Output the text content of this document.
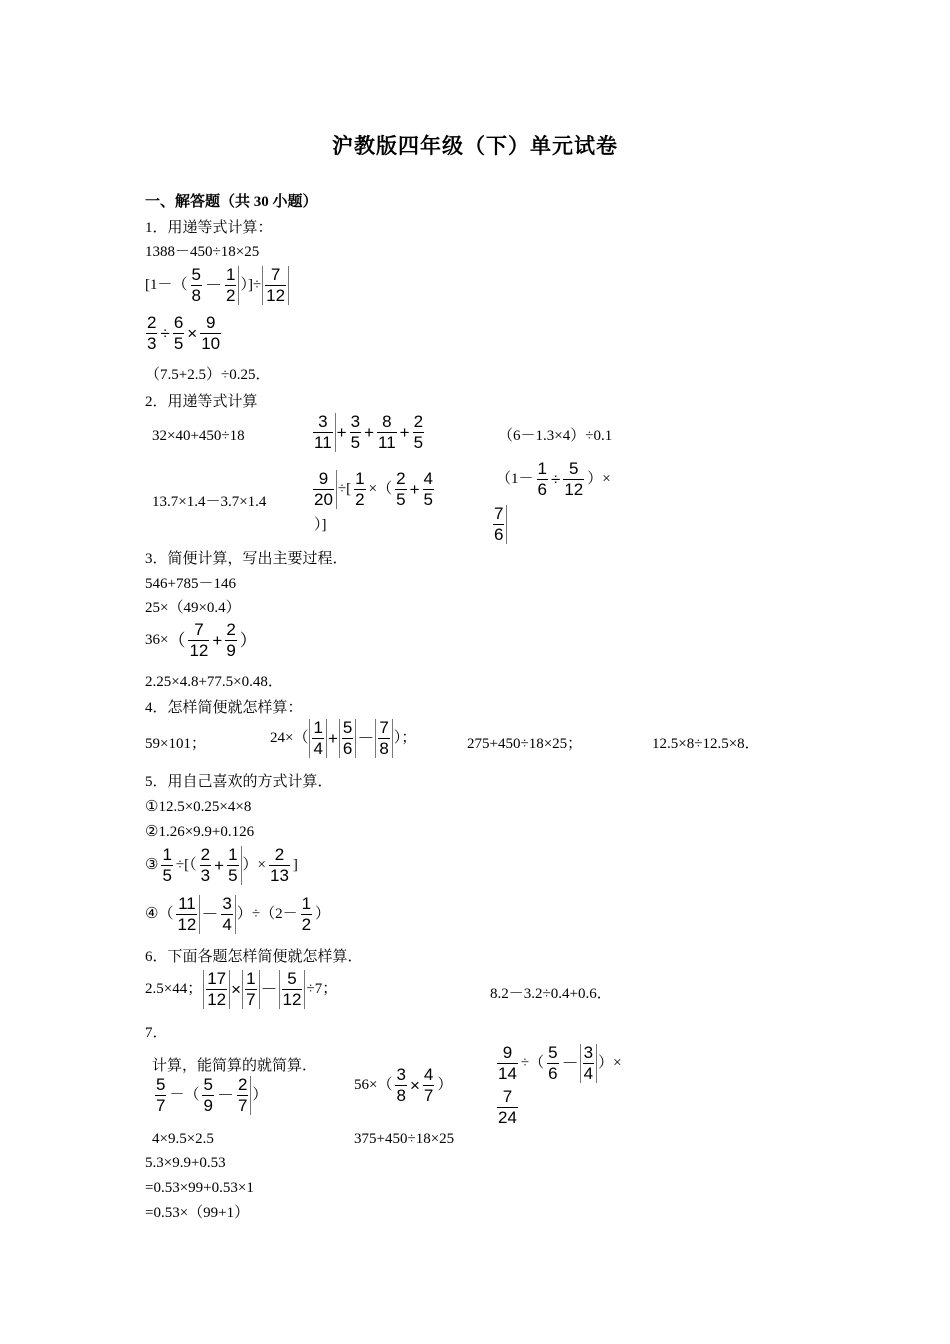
沪教版四年级（下）单元试卷
一、解答题（共 30 小题）
1．用递等式计算：
1388－450÷18×25
[$1-( \frac{5}{8} - \frac{1}{2}$ ）]÷ $\frac{7}{12}$
$\frac{2}{3} \div \frac{6}{5} \times \frac{9}{10}$
（7.5+2.5）÷0.25．
2．用递等式计算
32×40+450÷18	$\frac{3}{11} + \frac{3}{5} + \frac{8}{11} + \frac{2}{5}$	（6－1.3×4）÷0.1
13.7×1.4－3.7×1.4	$\frac{9}{20}$ ÷[ $\frac{1}{2}$ ×（ $\frac{2}{5} + \frac{4}{5}$
）]
（$1- \frac{1}{6} \div \frac{5}{12}$ ）×
$\frac{7}{6}$
3．简便计算，写出主要过程．
546+785－146
25×（49×0.4）
36× （ $\frac{7}{12} + \frac{2}{9}$ ）
2.25×4.8+77.5×0.48．
4．怎样简便就怎样算：
59×101；	$24\times( \frac{1}{4} + \frac{5}{6} - \frac{7}{8}$ ）；	275+450÷18×25；	12.5×8÷12.5×8．
5．用自己喜欢的方式计算．
①12.5×0.25×4×8
②1.26×9.9+0.126
③ $\frac{1}{5}$ ÷[（ $\frac{2}{3} + \frac{1}{5}$ ）× $\frac{2}{13}$ ]
④（ $\frac{11}{12} - \frac{3}{4} )\div(2- \frac{1}{2}$ ）
6．下面各题怎样简便就怎样算．
2.5×44； $\frac{17}{12} \times \frac{1}{7} - \frac{5}{12} \div 7$；	8.2－3.2÷0.4+0.6．
7．
计算，能简算的就简算．
$\frac{5}{7}$ －（ $\frac{5}{9} - \frac{2}{7}$ ）
$56\times( \frac{3}{8} \times \frac{4}{7}$ ）
$\frac{9}{14}$ ÷（ $\frac{5}{6} - \frac{3}{4}$ ）×
$\frac{7}{24}$
4×9.5×2.5	375+450÷18×25
5.3×9.9+0.53
=0.53×99+0.53×1
=0.53×（99+1）
